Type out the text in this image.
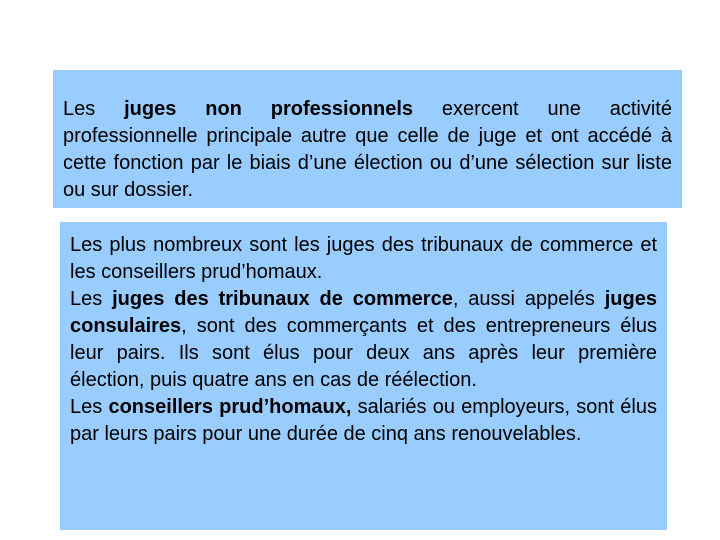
Les juges non professionnels exercent une activité professionnelle principale autre que celle de juge et ont accédé à cette fonction par le biais d’une élection ou d’une sélection sur liste ou sur dossier.

Les plus nombreux sont les juges des tribunaux de commerce et les conseillers prud’homaux.

Les juges des tribunaux de commerce, aussi appelés juges consulaires, sont des commerçants et des entrepreneurs élus leur pairs. Ils sont élus pour deux ans après leur première élection, puis quatre ans en cas de réélection.

Les conseillers prud’homaux, salariés ou employeurs, sont élus par leurs pairs pour une durée de cinq ans renouvelables.
